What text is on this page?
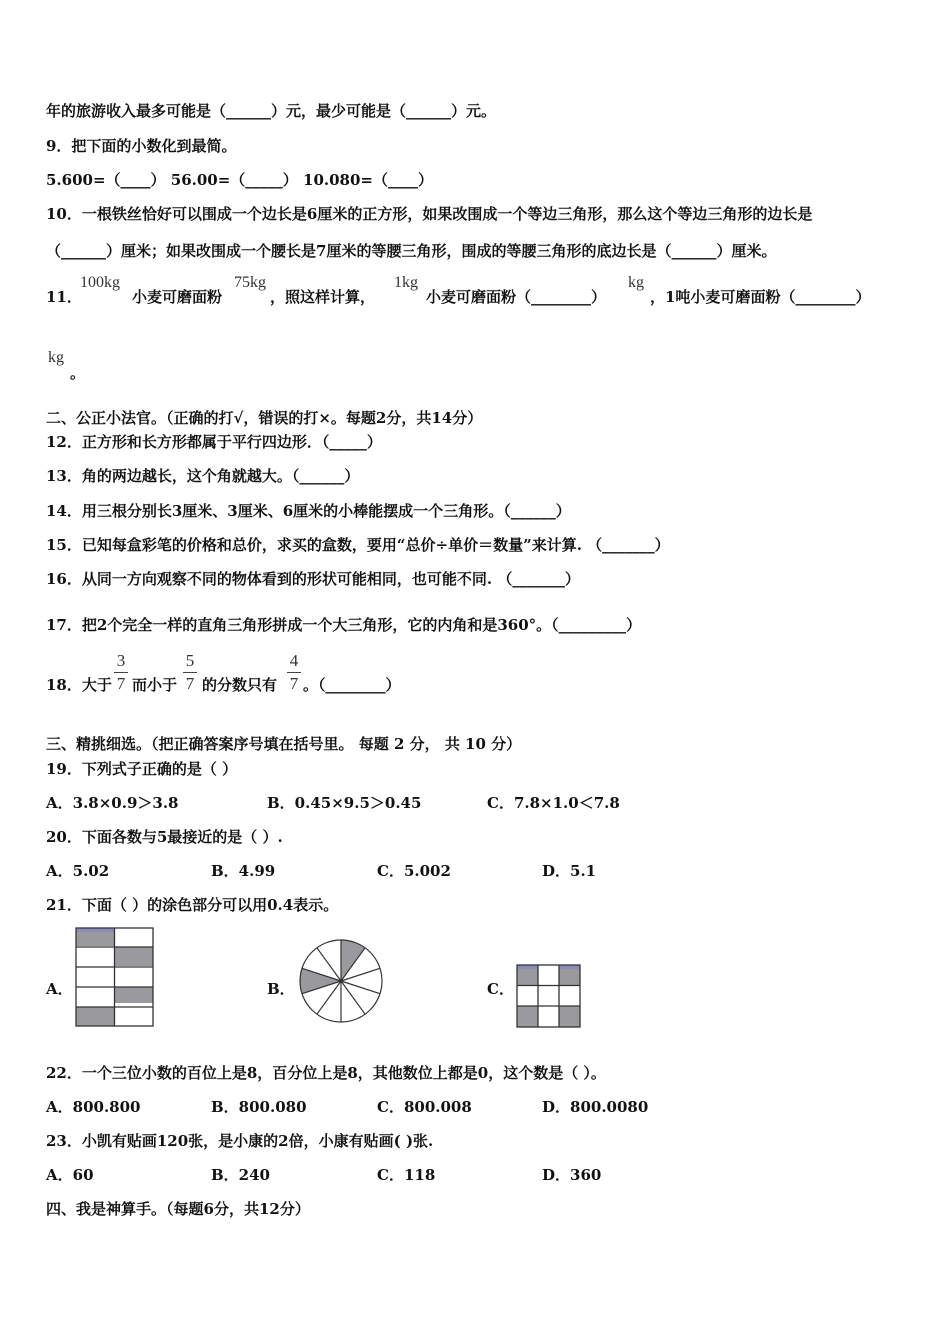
年的旅游收入最多可能是（______）元，最少可能是（______）元。
9．把下面的小数化到最简。
5.600=（____） 56.00=（_____） 10.080=（____）
10．一根铁丝恰好可以围成一个边长是6厘米的正方形，如果改围成一个等边三角形，那么这个等边三角形的边长是
（______）厘米；如果改围成一个腰长是7厘米的等腰三角形，围成的等腰三角形的底边长是（______）厘米。
11．
100kg
小麦可磨面粉
75kg
，照这样计算，
1kg
小麦可磨面粉（________）
kg
，1吨小麦可磨面粉（________）
kg
。
二、公正小法官。（正确的打√，错误的打×。每题2分，共14分）
12．正方形和长方形都属于平行四边形．（_____）
13．角的两边越长，这个角就越大。（______）
14．用三根分别长3厘米、3厘米、6厘米的小棒能摆成一个三角形。（______）
15．已知每盒彩笔的价格和总价，求买的盒数，要用“总价÷单价＝数量”来计算. （_______）
16．从同一方向观察不同的物体看到的形状可能相同，也可能不同. （_______）
17．把2个完全一样的直角三角形拼成一个大三角形，它的内角和是360°。（_________）
18．大于 $\frac{3}{7}$ 而小于 $\frac{5}{7}$ 的分数只有 $\frac{4}{7}$ 。（________）
三、精挑细选。（把正确答案序号填在括号里。 每题 2 分， 共 10 分）
19．下列式子正确的是（ ）
A．3.8×0.9＞3.8	B．0.45×9.5＞0.45	C．7.8×1.0＜7.8
20．下面各数与5最接近的是（ ）.
A．5.02	B．4.99	C．5.002	D．5.1
21．下面（ ）的涂色部分可以用0.4表示。
A．	B．	C．
22．一个三位小数的百位上是8，百分位上是8，其他数位上都是0，这个数是（ ）。
A．800.800	B．800.080	C．800.008	D．800.0080
23．小凯有贴画120张，是小康的2倍，小康有贴画( )张.
A．60	B．240	C．118	D．360
四、我是神算手。（每题6分，共12分）
